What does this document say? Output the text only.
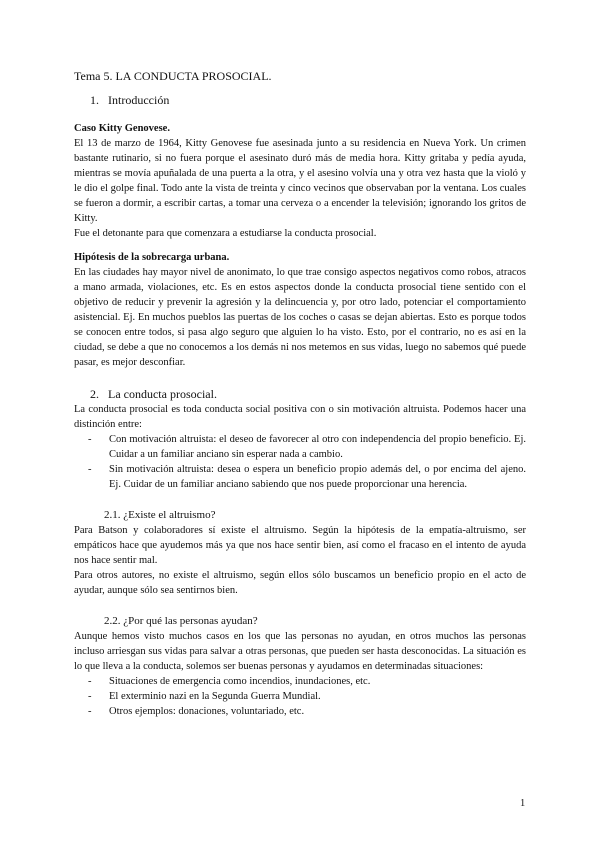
Tema 5. LA CONDUCTA PROSOCIAL.

1. Introducción

Caso Kitty Genovese.

El 13 de marzo de 1964, Kitty Genovese fue asesinada junto a su residencia en Nueva York. Un crimen bastante rutinario, si no fuera porque el asesinato duró más de media hora. Kitty gritaba y pedía ayuda, mientras se movía apuñalada de una puerta a la otra, y el asesino volvía una y otra vez hasta que la violó y le dio el golpe final. Todo ante la vista de treinta y cinco vecinos que observaban por la ventana. Los cuales se fueron a dormir, a escribir cartas, a tomar una cerveza o a encender la televisión; ignorando los gritos de Kitty.

Fue el detonante para que comenzara a estudiarse la conducta prosocial.

Hipótesis de la sobrecarga urbana.

En las ciudades hay mayor nivel de anonimato, lo que trae consigo aspectos negativos como robos, atracos a mano armada, violaciones, etc. Es en estos aspectos donde la conducta prosocial tiene sentido con el objetivo de reducir y prevenir la agresión y la delincuencia y, por otro lado, potenciar el comportamiento asistencial. Ej. En muchos pueblos las puertas de los coches o casas se dejan abiertas. Esto es porque todos se conocen entre todos, si pasa algo seguro que alguien lo ha visto. Esto, por el contrario, no es así en la ciudad, se debe a que no conocemos a los demás ni nos metemos en sus vidas, luego no sabemos qué puede pasar, es mejor desconfiar.

2. La conducta prosocial.

La conducta prosocial es toda conducta social positiva con o sin motivación altruista. Podemos hacer una distinción entre:

- Con motivación altruista: el deseo de favorecer al otro con independencia del propio beneficio. Ej. Cuidar a un familiar anciano sin esperar nada a cambio.
- Sin motivación altruista: desea o espera un beneficio propio además del, o por encima del ajeno. Ej. Cuidar de un familiar anciano sabiendo que nos puede proporcionar una herencia.

2.1. ¿Existe el altruismo?

Para Batson y colaboradores sí existe el altruismo. Según la hipótesis de la empatía-altruismo, ser empáticos hace que ayudemos más ya que nos hace sentir bien, así como el fracaso en el intento de ayuda nos hace sentir mal.

Para otros autores, no existe el altruismo, según ellos sólo buscamos un beneficio propio en el acto de ayudar, aunque sólo sea sentirnos bien.

2.2. ¿Por qué las personas ayudan?

Aunque hemos visto muchos casos en los que las personas no ayudan, en otros muchos las personas incluso arriesgan sus vidas para salvar a otras personas, que pueden ser hasta desconocidas. La situación es lo que lleva a la conducta, solemos ser buenas personas y ayudamos en determinadas situaciones:

- Situaciones de emergencia como incendios, inundaciones, etc.
- El exterminio nazi en la Segunda Guerra Mundial.
- Otros ejemplos: donaciones, voluntariado, etc.
1
